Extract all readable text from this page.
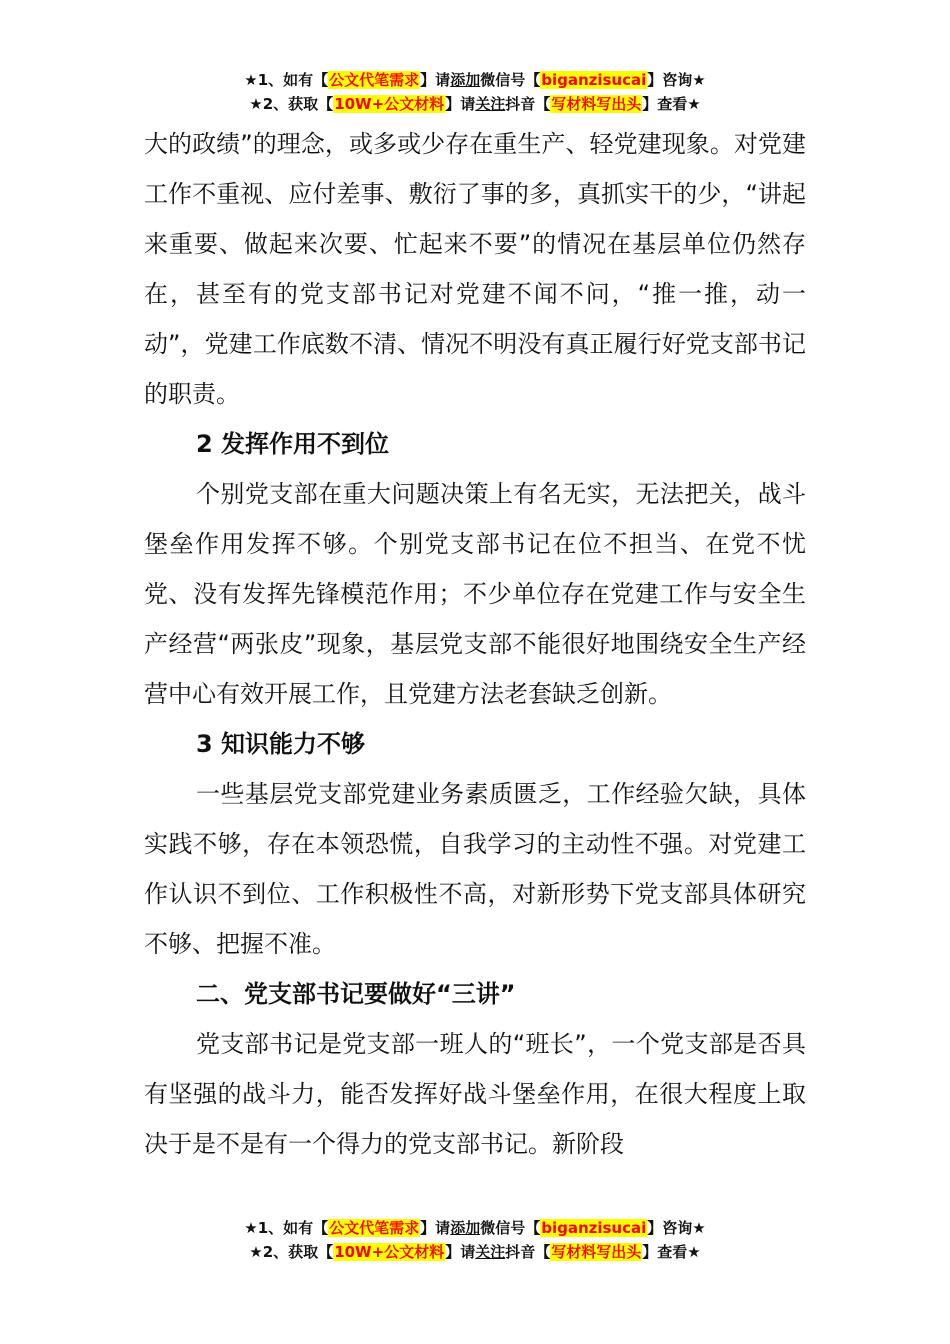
★1、如有【公文代笔需求】请添加微信号【biganzisucai】咨询★
★2、获取【10W+公文材料】请关注抖音【写材料写出头】查看★

大的政绩”的理念，或多或少存在重生产、轻党建现象。对党建工作不重视、应付差事、敷衍了事的多，真抓实干的少，“讲起来重要、做起来次要、忙起来不要”的情况在基层单位仍然存在，甚至有的党支部书记对党建不闻不问，“推一推，动一动”，党建工作底数不清、情况不明没有真正履行好党支部书记的职责。

2 发挥作用不到位

个别党支部在重大问题决策上有名无实，无法把关，战斗堡垒作用发挥不够。个别党支部书记在位不担当、在党不忧党、没有发挥先锋模范作用；不少单位存在党建工作与安全生产经营“两张皮”现象，基层党支部不能很好地围绕安全生产经营中心有效开展工作，且党建方法老套缺乏创新。

3 知识能力不够

一些基层党支部党建业务素质匮乏，工作经验欠缺，具体实践不够，存在本领恐慌，自我学习的主动性不强。对党建工作认识不到位、工作积极性不高，对新形势下党支部具体研究不够、把握不准。

二、党支部书记要做好“三讲”

党支部书记是党支部一班人的“班长”，一个党支部是否具有坚强的战斗力，能否发挥好战斗堡垒作用，在很大程度上取决于是不是有一个得力的党支部书记。新阶段

★1、如有【公文代笔需求】请添加微信号【biganzisucai】咨询★
★2、获取【10W+公文材料】请关注抖音【写材料写出头】查看★
